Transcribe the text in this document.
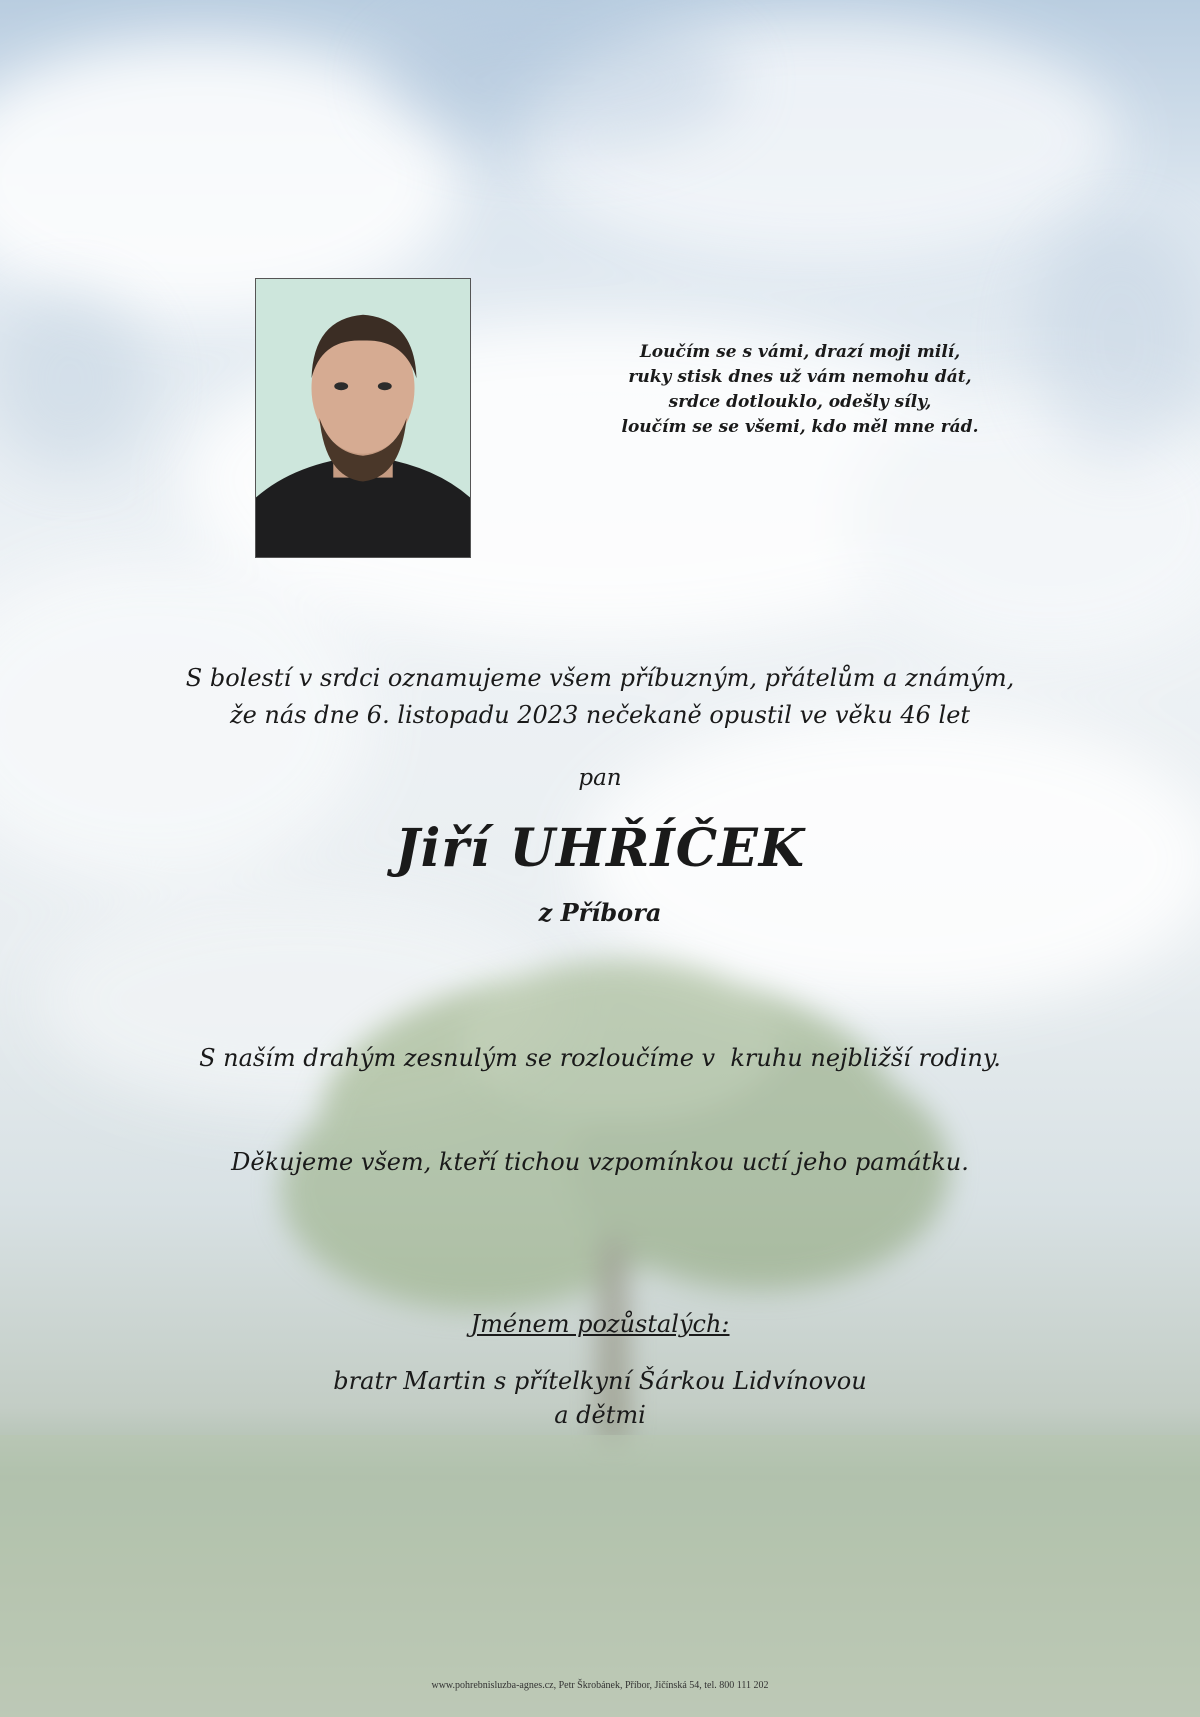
Loučím se s vámi, drazí moji milí,
ruky stisk dnes už vám nemohu dát,
srdce dotlouklo, odešly síly,
loučím se se všemi, kdo měl mne rád.
S bolestí v srdci oznamujeme všem příbuzným, přátelům a známým,
že nás dne 6. listopadu 2023 nečekaně opustil ve věku 46 let
pan
Jiří UHŘÍČEK
z Příbora
S naším drahým zesnulým se rozloučíme v  kruhu nejbližší rodiny.
Děkujeme všem, kteří tichou vzpomínkou uctí jeho památku.
Jménem pozůstalých:
bratr Martin s přítelkyní Šárkou Lidvínovou
a dětmi
www.pohrebnisluzba-agnes.cz, Petr Škrobánek, Příbor, Jičínská 54, tel. 800 111 202
